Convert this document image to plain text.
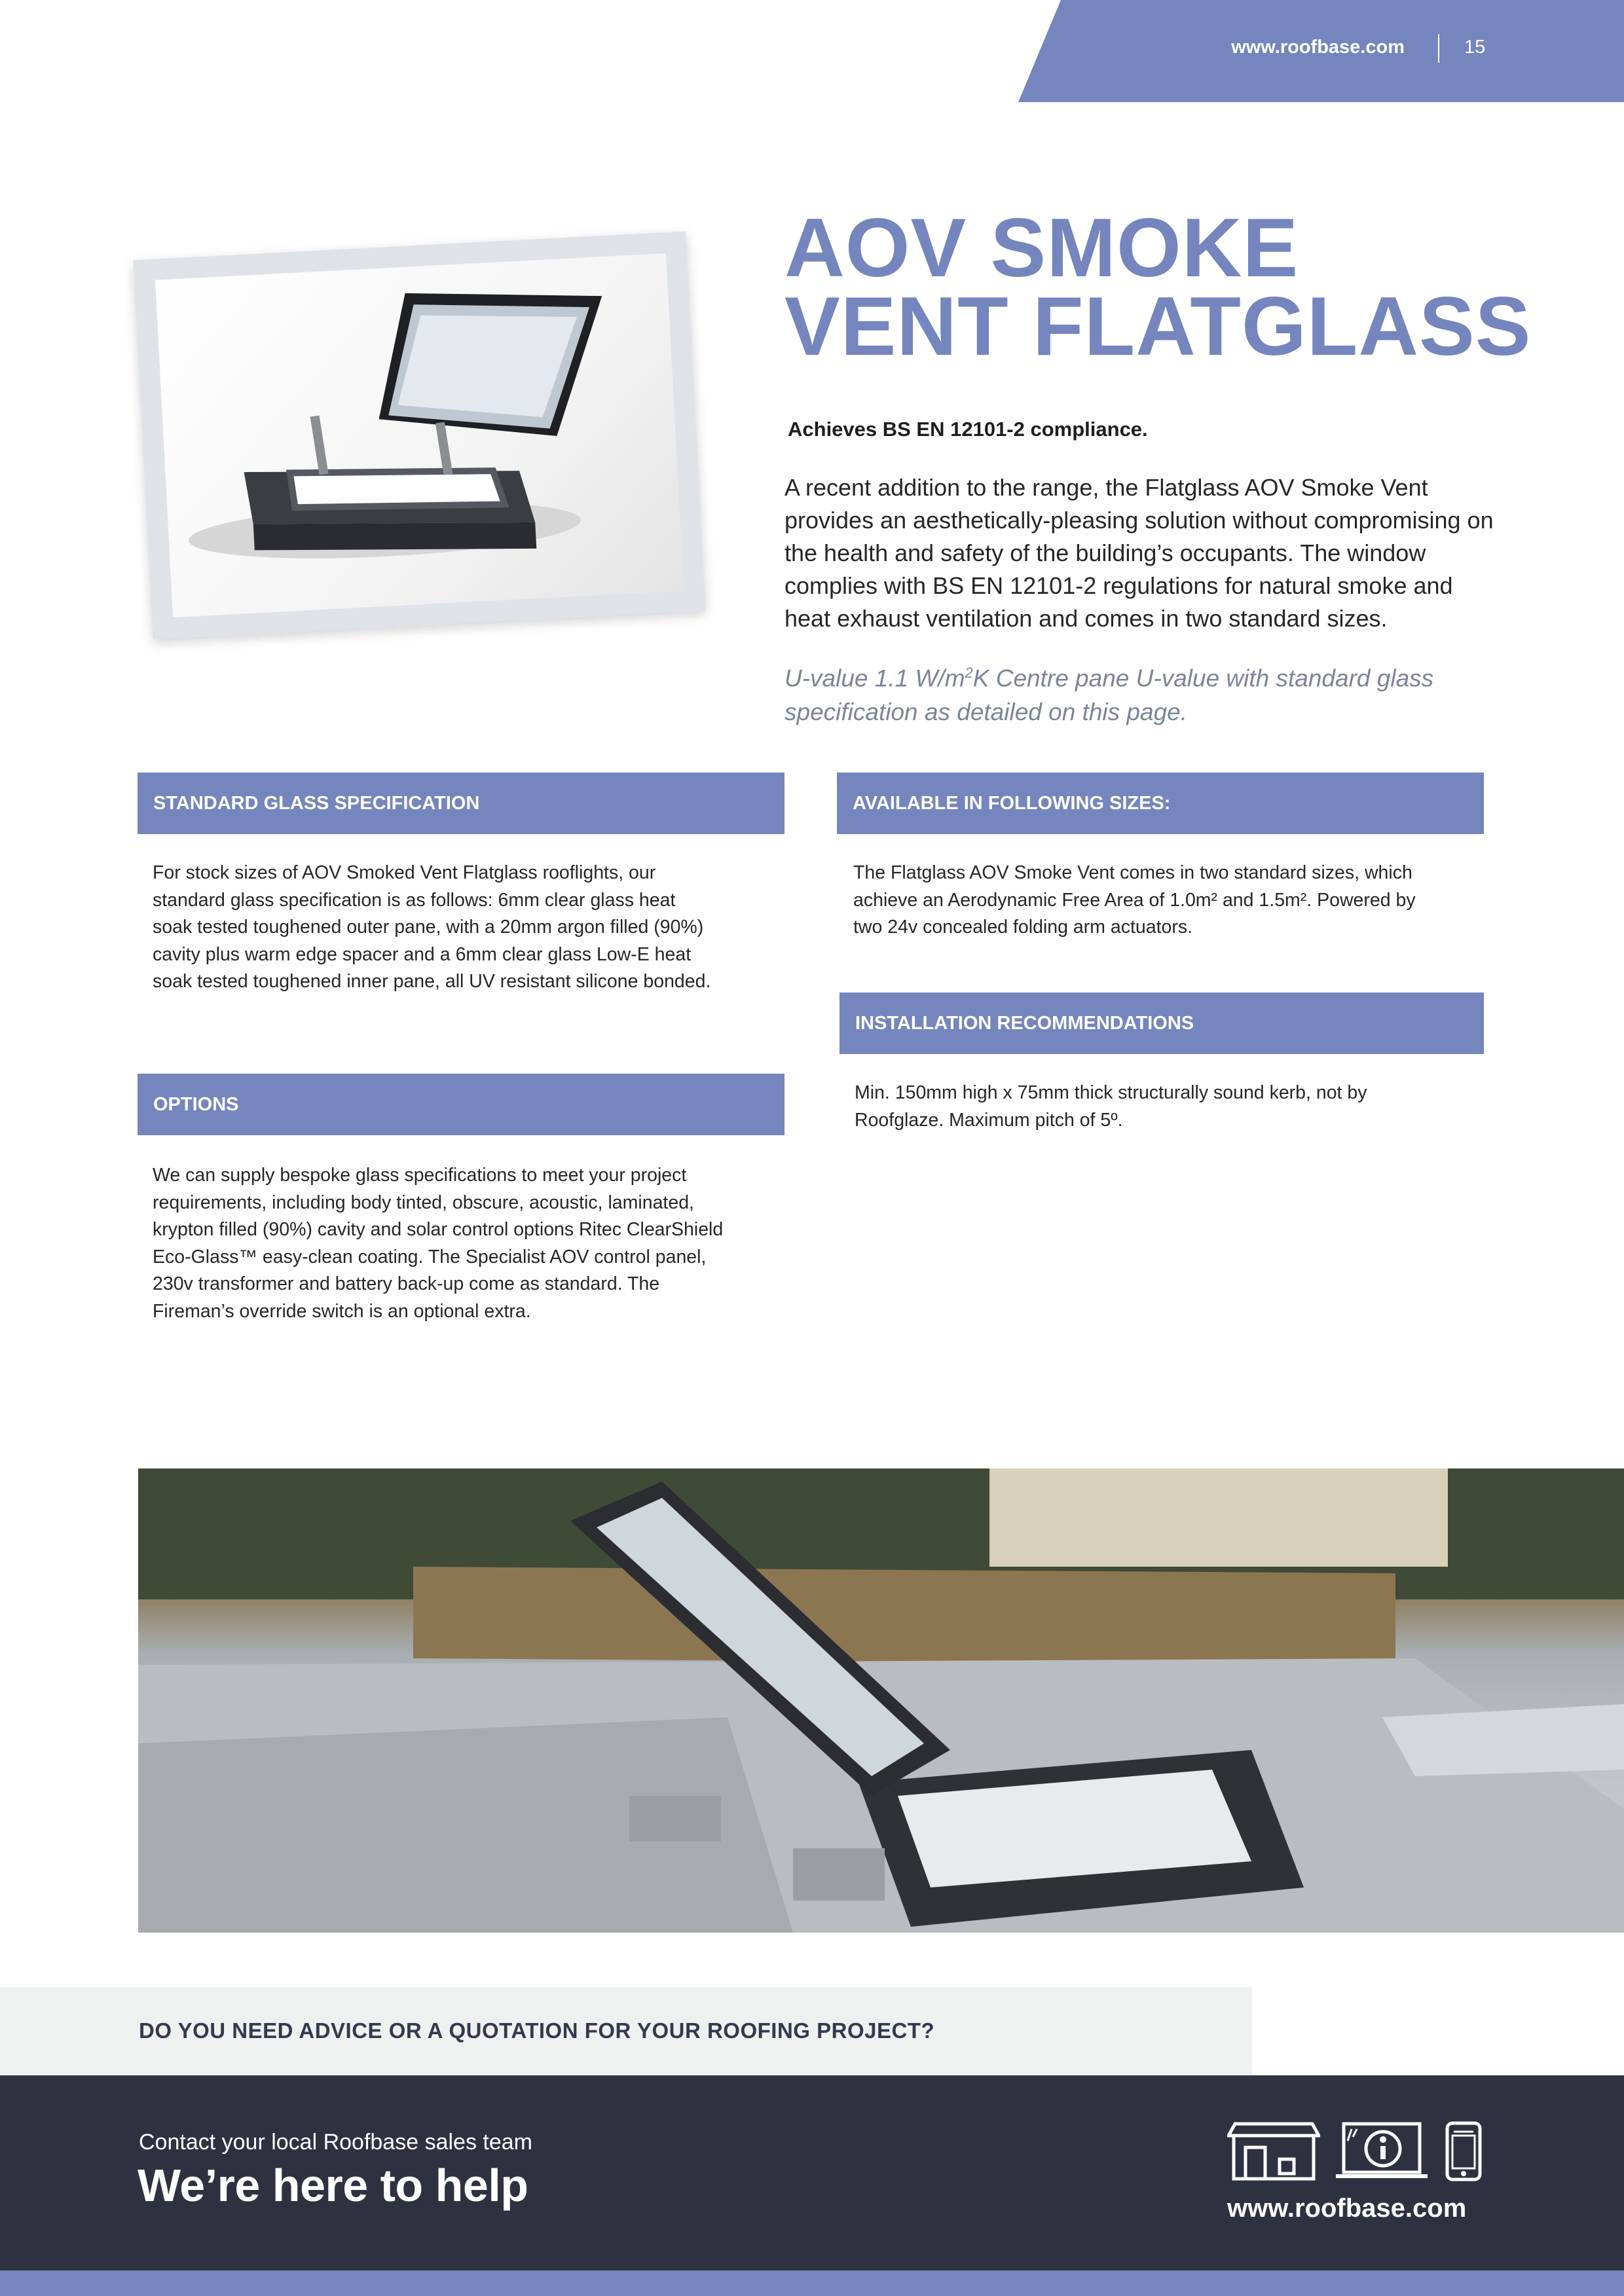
www.roofbase.com	15
AOV SMOKE
VENT FLATGLASS
Achieves BS EN 12101-2 compliance.
A recent addition to the range, the Flatglass AOV Smoke Vent provides an aesthetically-pleasing solution without compromising on the health and safety of the building’s occupants. The window complies with BS EN 12101-2 regulations for natural smoke and heat exhaust ventilation and comes in two standard sizes.
U-value 1.1 $W/m^2K$ Centre pane U-value with standard glass specification as detailed on this page.
STANDARD GLASS SPECIFICATION
For stock sizes of AOV Smoked Vent Flatglass rooflights, our standard glass specification is as follows: 6mm clear glass heat soak tested toughened outer pane, with a 20mm argon filled (90%) cavity plus warm edge spacer and a 6mm clear glass Low-E heat soak tested toughened inner pane, all UV resistant silicone bonded.
OPTIONS
We can supply bespoke glass specifications to meet your project requirements, including body tinted, obscure, acoustic, laminated, krypton filled (90%) cavity and solar control options Ritec ClearShield Eco-Glass™ easy-clean coating. The Specialist AOV control panel, 230v transformer and battery back-up come as standard. The Fireman’s override switch is an optional extra.
AVAILABLE IN FOLLOWING SIZES:
The Flatglass AOV Smoke Vent comes in two standard sizes, which achieve an Aerodynamic Free Area of 1.0m² and 1.5m². Powered by two 24v concealed folding arm actuators.
INSTALLATION RECOMMENDATIONS
Min. 150mm high x 75mm thick structurally sound kerb, not by Roofglaze. Maximum pitch of 5º.
DO YOU NEED ADVICE OR A QUOTATION FOR YOUR ROOFING PROJECT?
Contact your local Roofbase sales team
We’re here to help	www.roofbase.com
